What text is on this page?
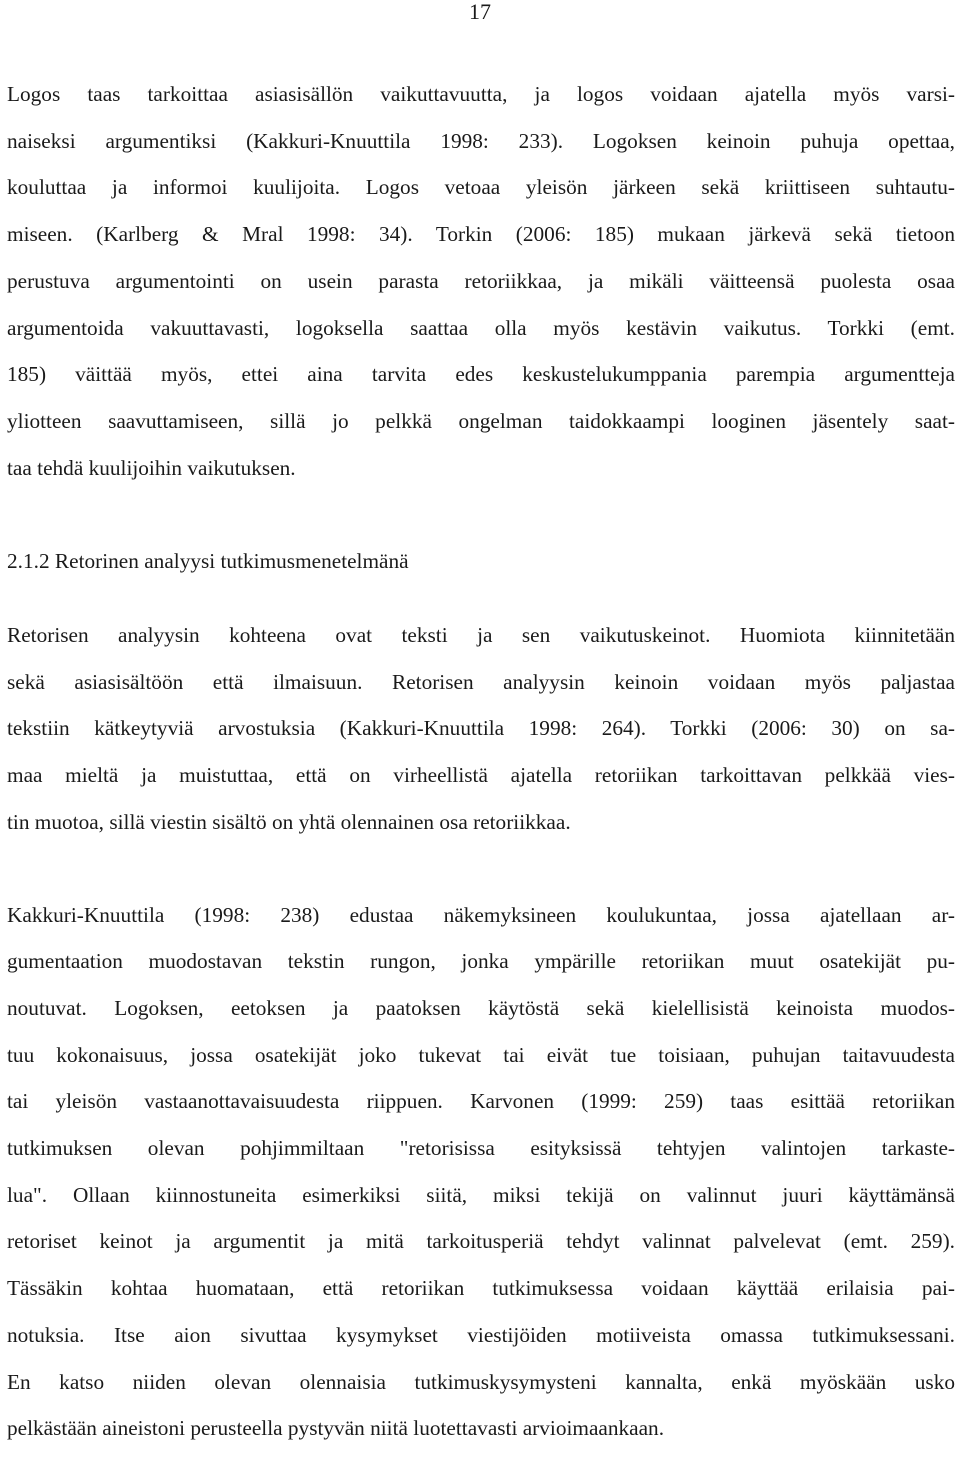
17
Logos taas tarkoittaa asiasisällön vaikuttavuutta, ja logos voidaan ajatella myös varsi-
naiseksi argumentiksi (Kakkuri-Knuuttila 1998: 233). Logoksen keinoin puhuja opettaa,
kouluttaa ja informoi kuulijoita. Logos vetoaa yleisön järkeen sekä kriittiseen suhtautu-
miseen. (Karlberg & Mral 1998: 34). Torkin (2006: 185) mukaan järkevä sekä tietoon
perustuva argumentointi on usein parasta retoriikkaa, ja mikäli väitteensä puolesta osaa
argumentoida vakuuttavasti, logoksella saattaa olla myös kestävin vaikutus. Torkki (emt.
185) väittää myös, ettei aina tarvita edes keskustelukumppania parempia argumentteja
yliotteen saavuttamiseen, sillä jo pelkkä ongelman taidokkaampi looginen jäsentely saat-
taa tehdä kuulijoihin vaikutuksen.
2.1.2 Retorinen analyysi tutkimusmenetelmänä
Retorisen analyysin kohteena ovat teksti ja sen vaikutuskeinot. Huomiota kiinnitetään
sekä asiasisältöön että ilmaisuun. Retorisen analyysin keinoin voidaan myös paljastaa
tekstiin kätkeytyviä arvostuksia (Kakkuri-Knuuttila 1998: 264). Torkki (2006: 30) on sa-
maa mieltä ja muistuttaa, että on virheellistä ajatella retoriikan tarkoittavan pelkkää vies-
tin muotoa, sillä viestin sisältö on yhtä olennainen osa retoriikkaa.
Kakkuri-Knuuttila (1998: 238) edustaa näkemyksineen koulukuntaa, jossa ajatellaan ar-
gumentaation muodostavan tekstin rungon, jonka ympärille retoriikan muut osatekijät pu-
noutuvat. Logoksen, eetoksen ja paatoksen käytöstä sekä kielellisistä keinoista muodos-
tuu kokonaisuus, jossa osatekijät joko tukevat tai eivät tue toisiaan, puhujan taitavuudesta
tai yleisön vastaanottavaisuudesta riippuen. Karvonen (1999: 259) taas esittää retoriikan
tutkimuksen olevan pohjimmiltaan "retorisissa esityksissä tehtyjen valintojen tarkaste-
lua". Ollaan kiinnostuneita esimerkiksi siitä, miksi tekijä on valinnut juuri käyttämänsä
retoriset keinot ja argumentit ja mitä tarkoitusperiä tehdyt valinnat palvelevat (emt. 259).
Tässäkin kohtaa huomataan, että retoriikan tutkimuksessa voidaan käyttää erilaisia pai-
notuksia. Itse aion sivuttaa kysymykset viestijöiden motiiveista omassa tutkimuksessani.
En katso niiden olevan olennaisia tutkimuskysymysteni kannalta, enkä myöskään usko
pelkästään aineistoni perusteella pystyvän niitä luotettavasti arvioimaankaan.
